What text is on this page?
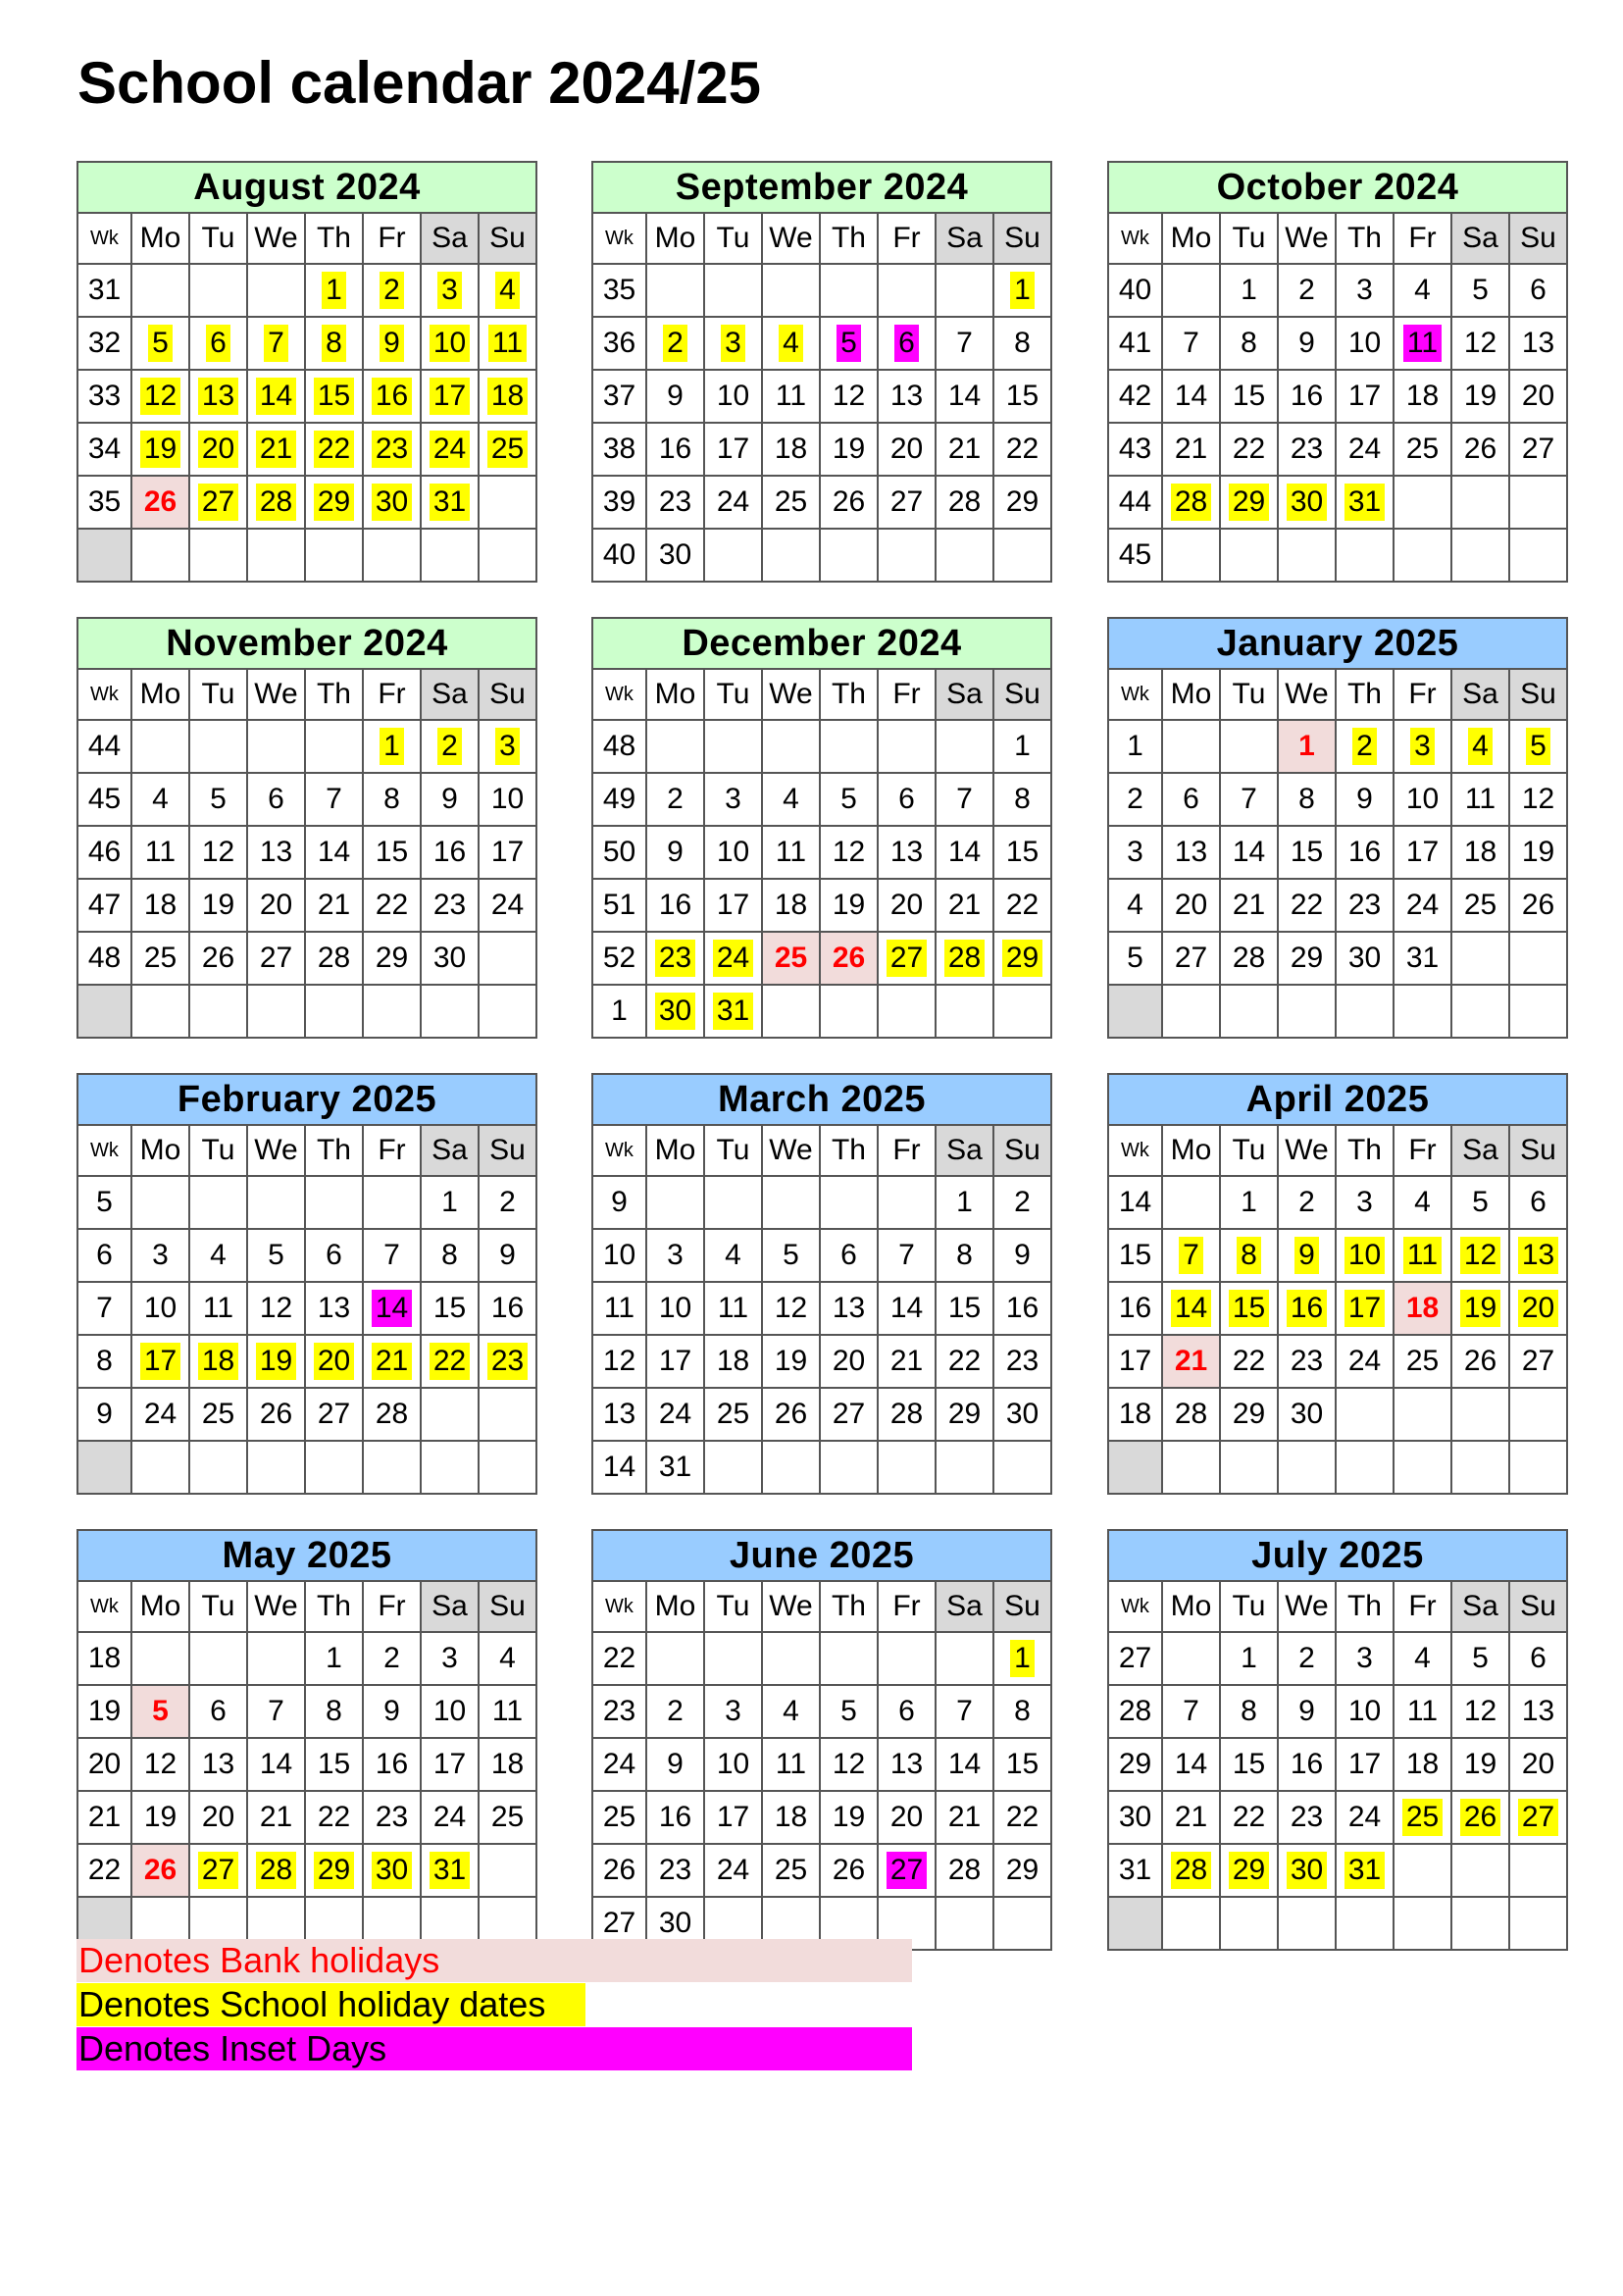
School calendar 2024/25
August 2024							
Wk	Mo	Tu	We	Th	Fr	Sa	Su
31				1	2	3	4
32	5	6	7	8	9	10	11
33	12	13	14	15	16	17	18
34	19	20	21	22	23	24	25
35	26	27	28	29	30	31	

September 2024							
Wk	Mo	Tu	We	Th	Fr	Sa	Su
35							1
36	2	3	4	5	6	7	8
37	9	10	11	12	13	14	15
38	16	17	18	19	20	21	22
39	23	24	25	26	27	28	29
40	30						
October 2024							
Wk	Mo	Tu	We	Th	Fr	Sa	Su
40		1	2	3	4	5	6
41	7	8	9	10	11	12	13
42	14	15	16	17	18	19	20
43	21	22	23	24	25	26	27
44	28	29	30	31			
45							
November 2024							
Wk	Mo	Tu	We	Th	Fr	Sa	Su
44					1	2	3
45	4	5	6	7	8	9	10
46	11	12	13	14	15	16	17
47	18	19	20	21	22	23	24
48	25	26	27	28	29	30	

December 2024							
Wk	Mo	Tu	We	Th	Fr	Sa	Su
48							1
49	2	3	4	5	6	7	8
50	9	10	11	12	13	14	15
51	16	17	18	19	20	21	22
52	23	24	25	26	27	28	29
1	30	31					
January 2025							
Wk	Mo	Tu	We	Th	Fr	Sa	Su
1			1	2	3	4	5
2	6	7	8	9	10	11	12
3	13	14	15	16	17	18	19
4	20	21	22	23	24	25	26
5	27	28	29	30	31		

February 2025							
Wk	Mo	Tu	We	Th	Fr	Sa	Su
5						1	2
6	3	4	5	6	7	8	9
7	10	11	12	13	14	15	16
8	17	18	19	20	21	22	23
9	24	25	26	27	28		

March 2025							
Wk	Mo	Tu	We	Th	Fr	Sa	Su
9						1	2
10	3	4	5	6	7	8	9
11	10	11	12	13	14	15	16
12	17	18	19	20	21	22	23
13	24	25	26	27	28	29	30
14	31						
April 2025							
Wk	Mo	Tu	We	Th	Fr	Sa	Su
14		1	2	3	4	5	6
15	7	8	9	10	11	12	13
16	14	15	16	17	18	19	20
17	21	22	23	24	25	26	27
18	28	29	30				

May 2025							
Wk	Mo	Tu	We	Th	Fr	Sa	Su
18				1	2	3	4
19	5	6	7	8	9	10	11
20	12	13	14	15	16	17	18
21	19	20	21	22	23	24	25
22	26	27	28	29	30	31	

June 2025							
Wk	Mo	Tu	We	Th	Fr	Sa	Su
22							1
23	2	3	4	5	6	7	8
24	9	10	11	12	13	14	15
25	16	17	18	19	20	21	22
26	23	24	25	26	27	28	29
27	30						
July 2025							
Wk	Mo	Tu	We	Th	Fr	Sa	Su
27		1	2	3	4	5	6
28	7	8	9	10	11	12	13
29	14	15	16	17	18	19	20
30	21	22	23	24	25	26	27
31	28	29	30	31			

Denotes Bank holidays
Denotes School holiday dates
Denotes Inset Days
